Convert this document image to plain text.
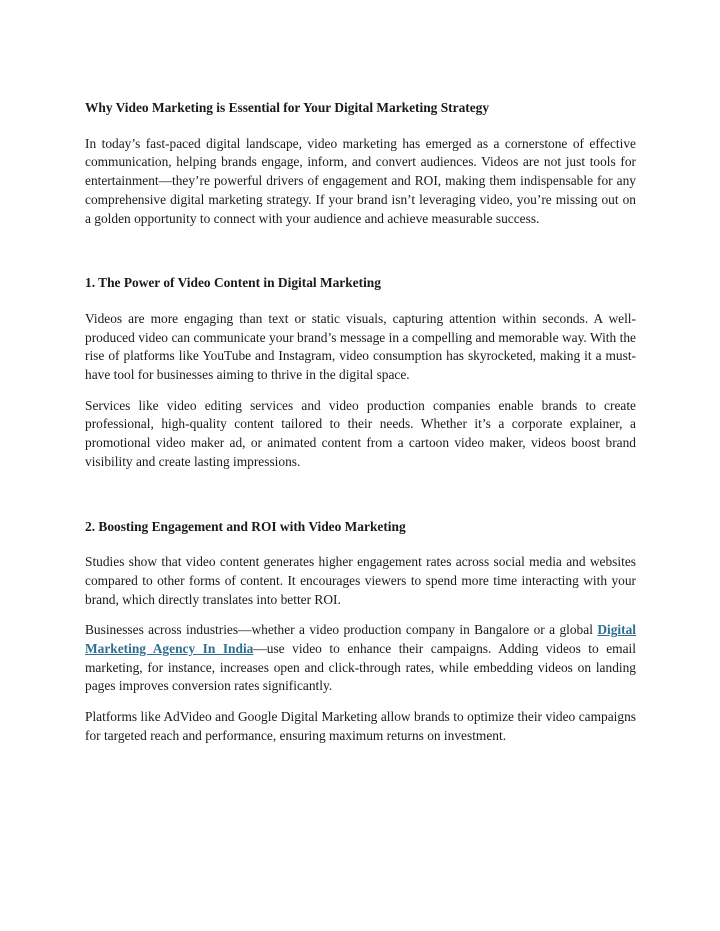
Why Video Marketing is Essential for Your Digital Marketing Strategy

In today’s fast-paced digital landscape, video marketing has emerged as a cornerstone of effective communication, helping brands engage, inform, and convert audiences. Videos are not just tools for entertainment—they’re powerful drivers of engagement and ROI, making them indispensable for any comprehensive digital marketing strategy. If your brand isn’t leveraging video, you’re missing out on a golden opportunity to connect with your audience and achieve measurable success.

1. The Power of Video Content in Digital Marketing

Videos are more engaging than text or static visuals, capturing attention within seconds. A well-produced video can communicate your brand’s message in a compelling and memorable way. With the rise of platforms like YouTube and Instagram, video consumption has skyrocketed, making it a must-have tool for businesses aiming to thrive in the digital space.

Services like video editing services and video production companies enable brands to create professional, high-quality content tailored to their needs. Whether it’s a corporate explainer, a promotional video maker ad, or animated content from a cartoon video maker, videos boost brand visibility and create lasting impressions.

2. Boosting Engagement and ROI with Video Marketing

Studies show that video content generates higher engagement rates across social media and websites compared to other forms of content. It encourages viewers to spend more time interacting with your brand, which directly translates into better ROI.

Businesses across industries—whether a video production company in Bangalore or a global Digital Marketing Agency In India—use video to enhance their campaigns. Adding videos to email marketing, for instance, increases open and click-through rates, while embedding videos on landing pages improves conversion rates significantly.

Platforms like AdVideo and Google Digital Marketing allow brands to optimize their video campaigns for targeted reach and performance, ensuring maximum returns on investment.
